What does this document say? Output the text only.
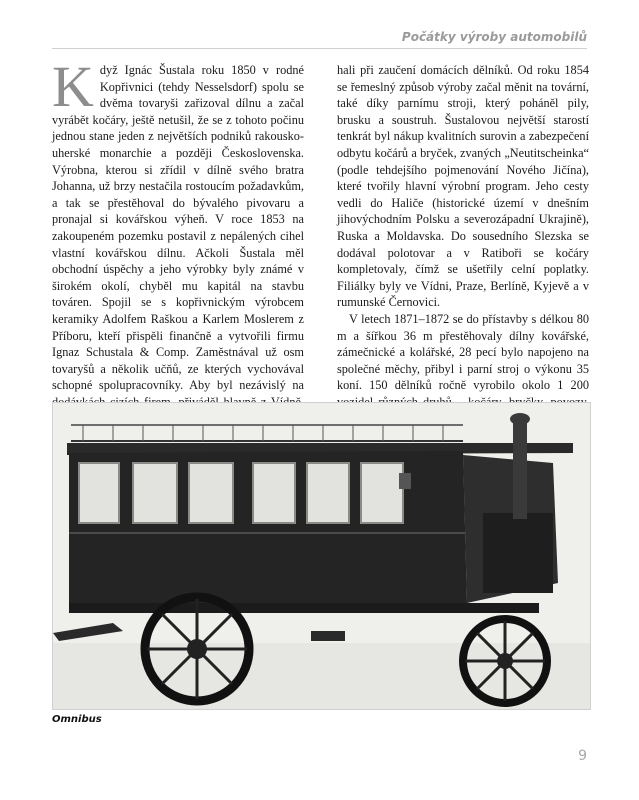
Počátky výroby automobilů

Když Ignác Šustala roku 1850 v rodné Kopřivnici (tehdy Nesselsdorf) spolu se dvěma tovaryši zařizoval dílnu a začal vyrábět kočáry, ještě netušil, že se z tohoto počinu jednou stane jeden z největších podniků rakousko-uherské monarchie a později Československa. Výrobna, kterou si zřídil v dílně svého bratra Johanna, už brzy nestačila rostoucím požadavkům, a tak se přestěhoval do bývalého pivovaru a pronajal si kovářskou výheň. V roce 1853 na zakoupeném pozemku postavil z nepálených cihel vlastní kovářskou dílnu. Ačkoli Šustala měl obchodní úspěchy a jeho výrobky byly známé v širokém okolí, chyběl mu kapitál na stavbu továren. Spojil se s kopřivnickým výrobcem keramiky Adolfem Raškou a Karlem Moslerem z Příboru, kteří přispěli finančně a vytvořili firmu Ignaz Schustala & Comp. Zaměstnával už osm tovaryšů a několik učňů, ze kterých vychovával schopné spolupracovníky. Aby byl nezávislý na

hali při zaučení domácích dělníků. Od roku 1854 se řemeslný způsob výroby začal měnit na tovární, také díky parnímu stroji, který poháněl pily, brusku a soustruh. Šustalovou největší starostí tenkrát byl nákup kvalitních surovin a zabezpečení odbytu kočárů a bryček, zvaných „Neutitscheinka“ (podle tehdejšího pojmenování Nového Jičína), které tvořily hlavní výrobní program. Jeho cesty vedli do Haliče (historické území v dnešním jihovýchodním Polsku a severozápadní Ukrajině), Ruska a Moldavska. Do sousedního Slezska se dodával polotovar a v Ratiboři se kočáry kompletovaly, čímž se ušetřily celní poplatky. Filiálky byly ve Vídni, Praze, Berlíně, Kyjevě a v rumunské Černovici.

V letech 1871–1872 se do přístavby s délkou 80 m a šířkou 36 m přestěhovaly dílny kovářské, zámečnické a kolářské, 28 pecí bylo napojeno na společné měchy, přibyl i parní stroj o výkonu 35 koní. 150 dělníků ročně vyrobilo okolo 1 200

Omnibus
9
